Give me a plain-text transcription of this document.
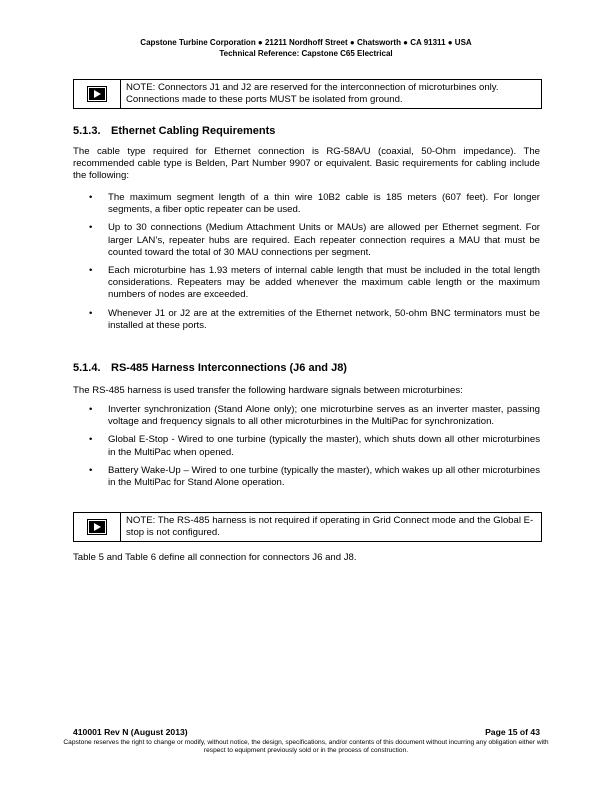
Capstone Turbine Corporation ● 21211 Nordhoff Street ● Chatsworth ● CA 91311 ● USA
Technical Reference: Capstone C65 Electrical
NOTE: Connectors J1 and J2 are reserved for the interconnection of microturbines only. Connections made to these ports MUST be isolated from ground.
5.1.3. Ethernet Cabling Requirements
The cable type required for Ethernet connection is RG-58A/U (coaxial, 50-Ohm impedance). The recommended cable type is Belden, Part Number 9907 or equivalent. Basic requirements for cabling include the following:
• The maximum segment length of a thin wire 10B2 cable is 185 meters (607 feet). For longer segments, a fiber optic repeater can be used.
• Up to 30 connections (Medium Attachment Units or MAUs) are allowed per Ethernet segment. For larger LAN’s, repeater hubs are required. Each repeater connection requires a MAU that must be counted toward the total of 30 MAU connections per segment.
• Each microturbine has 1.93 meters of internal cable length that must be included in the total length considerations. Repeaters may be added whenever the maximum cable length or the maximum numbers of nodes are exceeded.
• Whenever J1 or J2 are at the extremities of the Ethernet network, 50-ohm BNC terminators must be installed at these ports.
5.1.4. RS-485 Harness Interconnections (J6 and J8)
The RS-485 harness is used transfer the following hardware signals between microturbines:
• Inverter synchronization (Stand Alone only); one microturbine serves as an inverter master, passing voltage and frequency signals to all other microturbines in the MultiPac for synchronization.
• Global E-Stop - Wired to one turbine (typically the master), which shuts down all other microturbines in the MultiPac when opened.
• Battery Wake-Up – Wired to one turbine (typically the master), which wakes up all other microturbines in the MultiPac for Stand Alone operation.
NOTE: The RS-485 harness is not required if operating in Grid Connect mode and the Global E-stop is not configured.
Table 5 and Table 6 define all connection for connectors J6 and J8.
410001 Rev N (August 2013)	Page 15 of 43
Capstone reserves the right to change or modify, without notice, the design, specifications, and/or contents of this document without incurring any obligation either with respect to equipment previously sold or in the process of construction.
